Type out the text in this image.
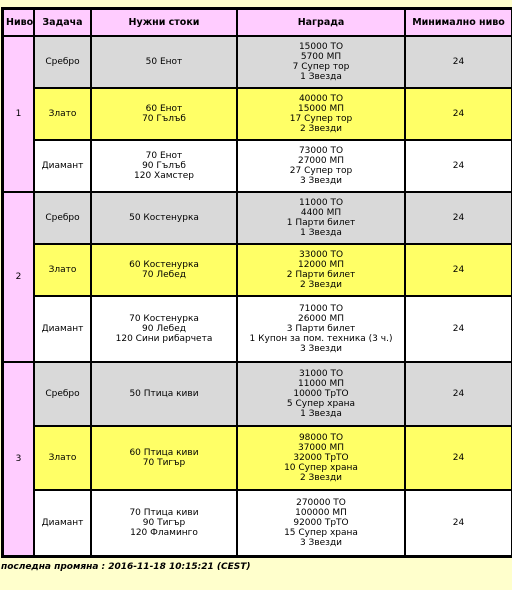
Ниво	Задача	Нужни стоки	Награда	Минимално ниво
1	Сребро	50 Енот	15000 ТО
5700 МП
7 Супер тор
1 Звезда	24
	Злато	60 Енот
70 Гълъб	40000 ТО
15000 МП
17 Супер тор
2 Звезди	24
	Диамант	70 Енот
90 Гълъб
120 Хамстер	73000 ТО
27000 МП
27 Супер тор
3 Звезди	24
2	Сребро	50 Костенурка	11000 ТО
4400 МП
1 Парти билет
1 Звезда	24
	Злато	60 Костенурка
70 Лебед	33000 ТО
12000 МП
2 Парти билет
2 Звезди	24
	Диамант	70 Костенурка
90 Лебед
120 Сини рибарчета	71000 ТО
26000 МП
3 Парти билет
1 Купон за пом. техника (3 ч.)
3 Звезди	24
3	Сребро	50 Птица киви	31000 ТО
11000 МП
10000 ТрТО
5 Супер храна
1 Звезда	24
	Злато	60 Птица киви
70 Тигър	98000 ТО
37000 МП
32000 ТрТО
10 Супер храна
2 Звезди	24
	Диамант	70 Птица киви
90 Тигър
120 Фламинго	270000 ТО
100000 МП
92000 ТрТО
15 Супер храна
3 Звезди	24
последна промяна : 2016-11-18 10:15:21 (CEST)
